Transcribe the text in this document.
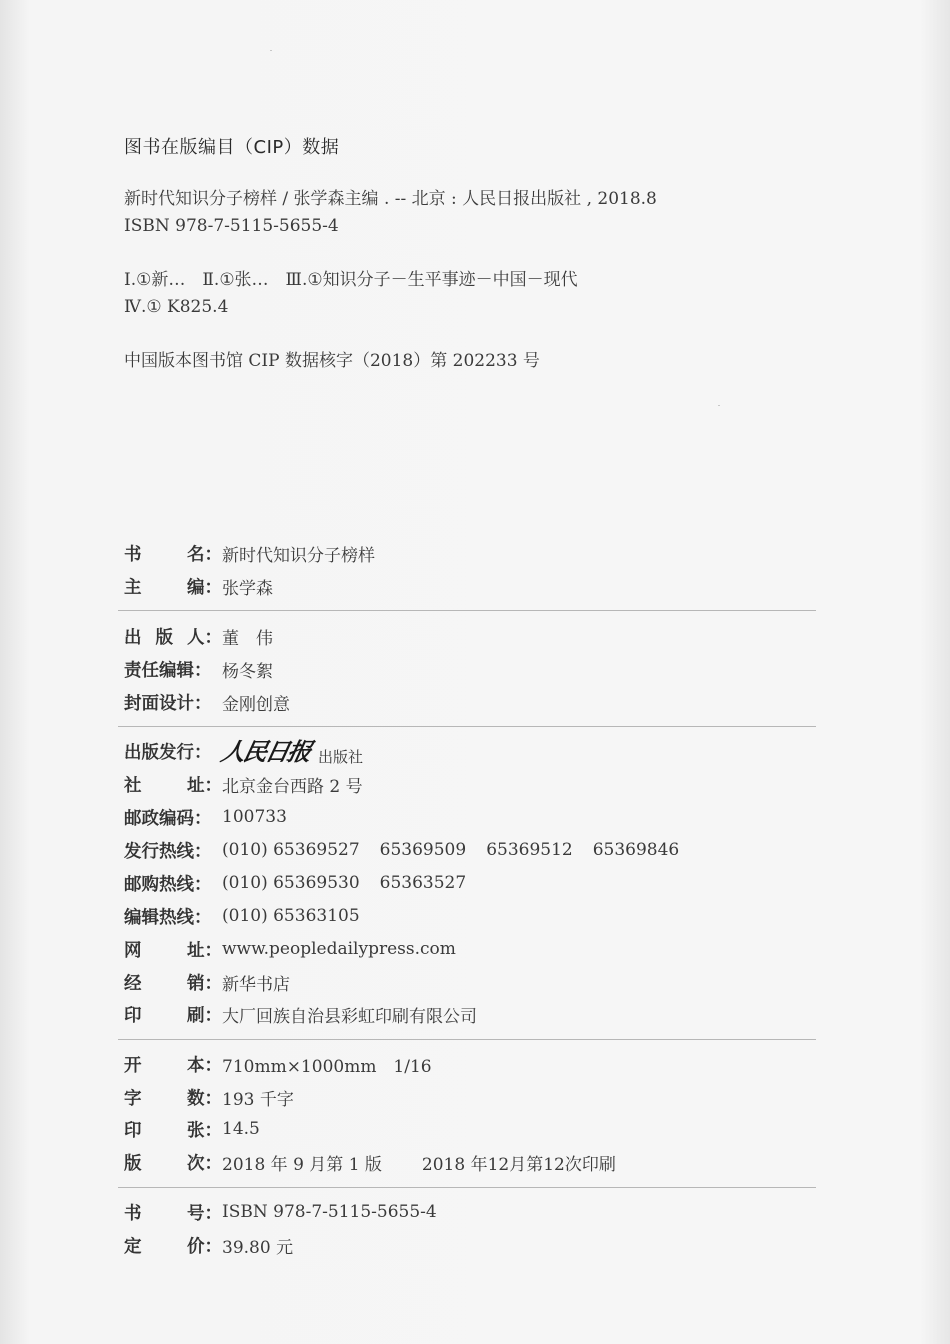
图书在版编目（CIP）数据
新时代知识分子榜样 / 张学森主编 . -- 北京 : 人民日报出版社 , 2018.8
ISBN 978-7-5115-5655-4
Ⅰ.①新…　Ⅱ.①张…　Ⅲ.①知识分子－生平事迹－中国－现代
Ⅳ.① K825.4
中国版本图书馆 CIP 数据核字（2018）第 202233 号
书	名： 新时代知识分子榜样
主	编： 张学森
出 版 人： 董　伟
责任编辑： 杨冬絮
封面设计： 金刚创意
出版发行： 人民日报 出版社
社	址： 北京金台西路 2 号
邮政编码： 100733
发行热线： (010) 65369527 65369509 65369512 65369846
邮购热线： (010) 65369530 65363527
编辑热线： (010) 65363105
网	址： www.peopledailypress.com
经	销： 新华书店
印	刷： 大厂回族自治县彩虹印刷有限公司
开	本： 710mm×1000mm　1/16
字	数： 193 千字
印	张： 14.5
版	次： 2018 年 9 月第 1 版 2018 年12月第12次印刷
书	号： ISBN 978-7-5115-5655-4
定	价： 39.80 元
